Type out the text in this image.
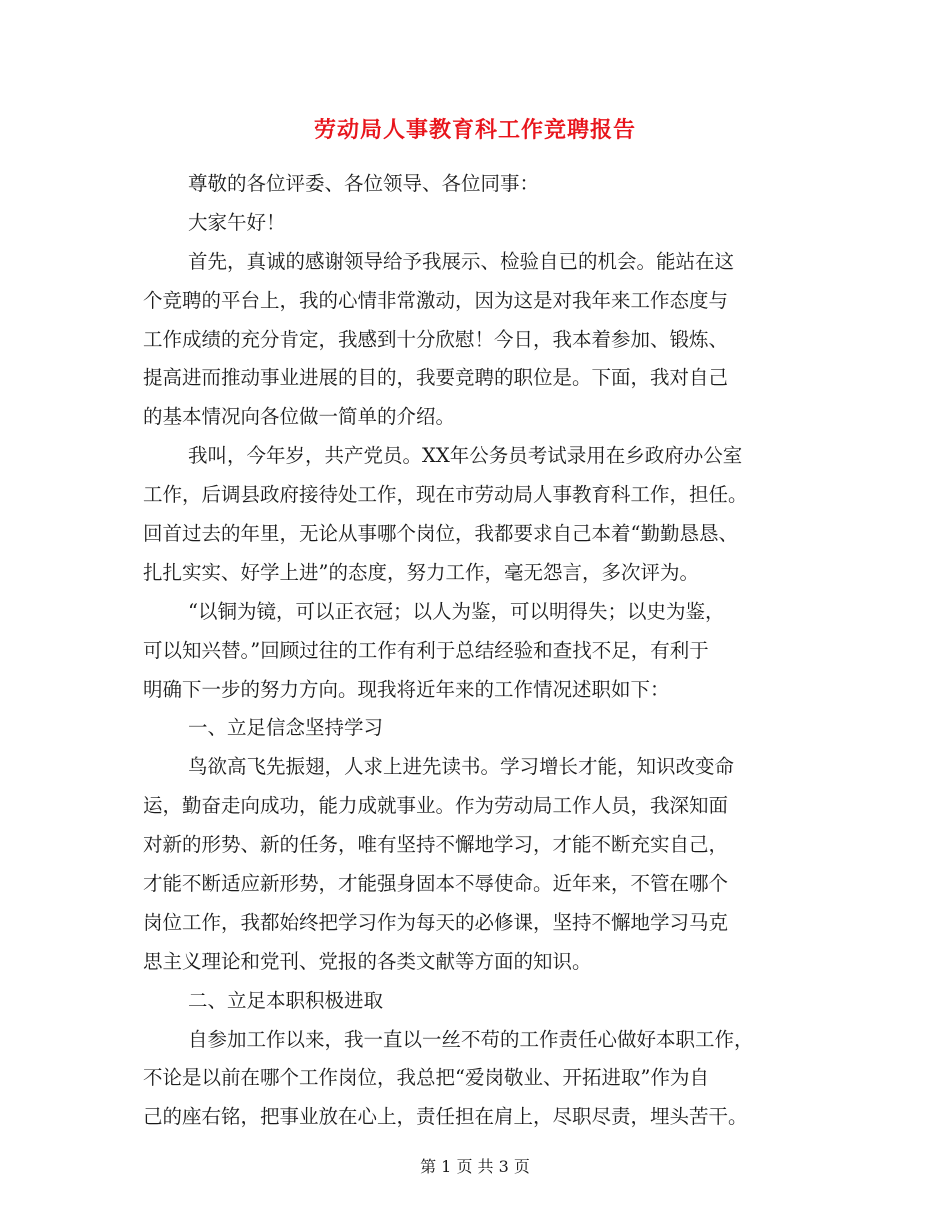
劳动局人事教育科工作竞聘报告
尊敬的各位评委、各位领导、各位同事：
大家午好！
首先，真诚的感谢领导给予我展示、检验自已的机会。能站在这
个竞聘的平台上，我的心情非常激动，因为这是对我年来工作态度与
工作成绩的充分肯定，我感到十分欣慰！今日，我本着参加、锻炼、
提高进而推动事业进展的目的，我要竞聘的职位是。下面，我对自己
的基本情况向各位做一简单的介绍。
我叫，今年岁，共产党员。XX年公务员考试录用在乡政府办公室
工作，后调县政府接待处工作，现在市劳动局人事教育科工作，担任。
回首过去的年里，无论从事哪个岗位，我都要求自己本着“勤勤恳恳、
扎扎实实、好学上进”的态度，努力工作，毫无怨言，多次评为。
“以铜为镜，可以正衣冠；以人为鉴，可以明得失；以史为鉴，
可以知兴替。”回顾过往的工作有利于总结经验和查找不足，有利于
明确下一步的努力方向。现我将近年来的工作情况述职如下：
一、立足信念坚持学习
鸟欲高飞先振翅，人求上进先读书。学习增长才能，知识改变命
运，勤奋走向成功，能力成就事业。作为劳动局工作人员，我深知面
对新的形势、新的任务，唯有坚持不懈地学习，才能不断充实自己，
才能不断适应新形势，才能强身固本不辱使命。近年来，不管在哪个
岗位工作，我都始终把学习作为每天的必修课，坚持不懈地学习马克
思主义理论和党刊、党报的各类文献等方面的知识。
二、立足本职积极进取
自参加工作以来，我一直以一丝不苟的工作责任心做好本职工作，
不论是以前在哪个工作岗位，我总把“爱岗敬业、开拓进取”作为自
己的座右铭，把事业放在心上，责任担在肩上，尽职尽责，埋头苦干。
第 1 页 共 3 页
